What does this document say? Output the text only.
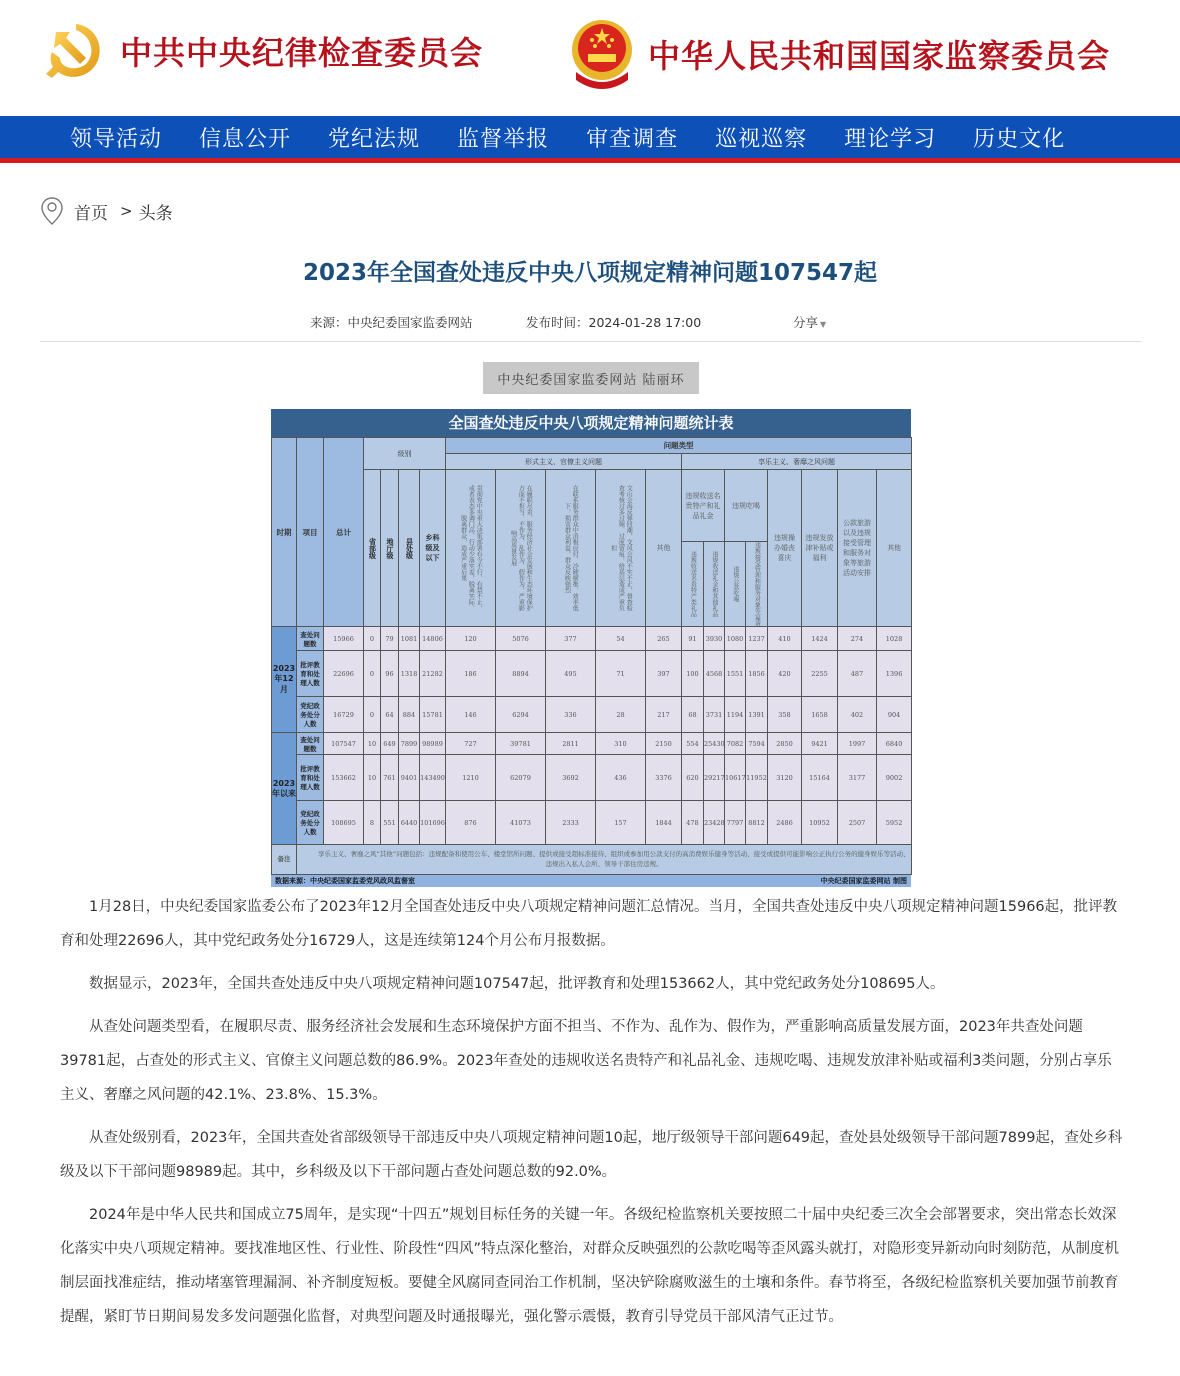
中共中央纪律检查委员会	中华人民共和国国家监察委员会
领导活动 信息公开 党纪法规 监督举报 审查调查 巡视巡察 理论学习 历史文化
首页 > 头条
2023年全国查处违反中央八项规定精神问题107547起
来源：中央纪委国家监委网站	发布时间：2024-01-28 17:00	分享 ▼
中央纪委国家监委网站 陆丽环
全国查处违反中央八项规定精神问题统计表
时期	项目	总计	级别				问题类型												
							形式主义、官僚主义问题					享乐主义、奢靡之风问题							

			省部级	地厅级	县处级	乡科级及以下	贯彻党中央重大决策部署有令不行、有禁不止，或者表态多调门高、行动少落实差，脱离实际、脱离群众，造成严重后果	在履职尽责、服务经济社会发展和生态环境保护方面不担当、不作为、乱作为、假作为，严重影响高质量发展	在联系服务群众中消极应付、冷硬横推、效率低下，损害群众利益，群众反映强烈	文山会海反弹回潮，文风会风不实不正，督查检查考核过多过频、过度留痕，给基层造成严重负担	其他	违规收送名贵特产和礼品礼金		违规吃喝		违规操办婚丧喜庆	违规发放津补贴或福利	公款旅游以及违规接受管理和服务对象等旅游活动安排	其他

												违规收送名贵特产类礼品	违规收送礼金和其他礼品	违规公款吃喝	违规接受管理和服务对象等宴请				

2023年12月	查处问题数	15966	0	79	1081	14806	120	5076	377	54	265	91	3930	1080	1237	410	1424	274	1028
	批评教育和处理人数	22696	0	96	1318	21282	186	8894	495	71	397	100	4568	1551	1856	420	2255	487	1396
	党纪政务处分人数	16729	0	64	884	15781	146	6294	336	28	217	68	3731	1194	1391	358	1658	402	904
2023年以来	查处问题数	107547	10	649	7899	98989	727	39781	2811	310	2150	554	25430	7082	7594	2850	9421	1997	6840
	批评教育和处理人数	153662	10	761	9401	143490	1210	62079	3692	436	3376	620	29217	10617	11952	3120	15164	3177	9002
	党纪政务处分人数	108695	8	551	6440	101696	876	41073	2333	157	1844	478	23428	7797	8812	2486	10952	2507	5952
备注	享乐主义、奢靡之风“其他”问题包括：违规配备和使用公车、楼堂馆所问题、提供或接受超标准接待、组织或参加用公款支付的高消费娱乐健身等活动、接受或提供可能影响公正执行公务的健身娱乐等活动、违规出入私人会所、领导干部住房违规。																		
数据来源：中央纪委国家监委党风政风监督室	中央纪委国家监委网站 制图

1月28日，中央纪委国家监委公布了2023年12月全国查处违反中央八项规定精神问题汇总情况。当月，全国共查处违反中央八项规定精神问题15966起，批评教育和处理22696人，其中党纪政务处分16729人，这是连续第124个月公布月报数据。

数据显示，2023年，全国共查处违反中央八项规定精神问题107547起，批评教育和处理153662人，其中党纪政务处分108695人。

从查处问题类型看，在履职尽责、服务经济社会发展和生态环境保护方面不担当、不作为、乱作为、假作为，严重影响高质量发展方面，2023年共查处问题39781起，占查处的形式主义、官僚主义问题总数的86.9%。2023年查处的违规收送名贵特产和礼品礼金、违规吃喝、违规发放津补贴或福利3类问题，分别占享乐主义、奢靡之风问题的42.1%、23.8%、15.3%。

从查处级别看，2023年，全国共查处省部级领导干部违反中央八项规定精神问题10起，地厅级领导干部问题649起，查处县处级领导干部问题7899起，查处乡科级及以下干部问题98989起。其中，乡科级及以下干部问题占查处问题总数的92.0%。

2024年是中华人民共和国成立75周年，是实现“十四五”规划目标任务的关键一年。各级纪检监察机关要按照二十届中央纪委三次全会部署要求，突出常态长效深化落实中央八项规定精神。要找准地区性、行业性、阶段性“四风”特点深化整治，对群众反映强烈的公款吃喝等歪风露头就打，对隐形变异新动向时刻防范，从制度机制层面找准症结，推动堵塞管理漏洞、补齐制度短板。要健全风腐同查同治工作机制，坚决铲除腐败滋生的土壤和条件。春节将至，各级纪检监察机关要加强节前教育提醒，紧盯节日期间易发多发问题强化监督，对典型问题及时通报曝光，强化警示震慑，教育引导党员干部风清气正过节。
